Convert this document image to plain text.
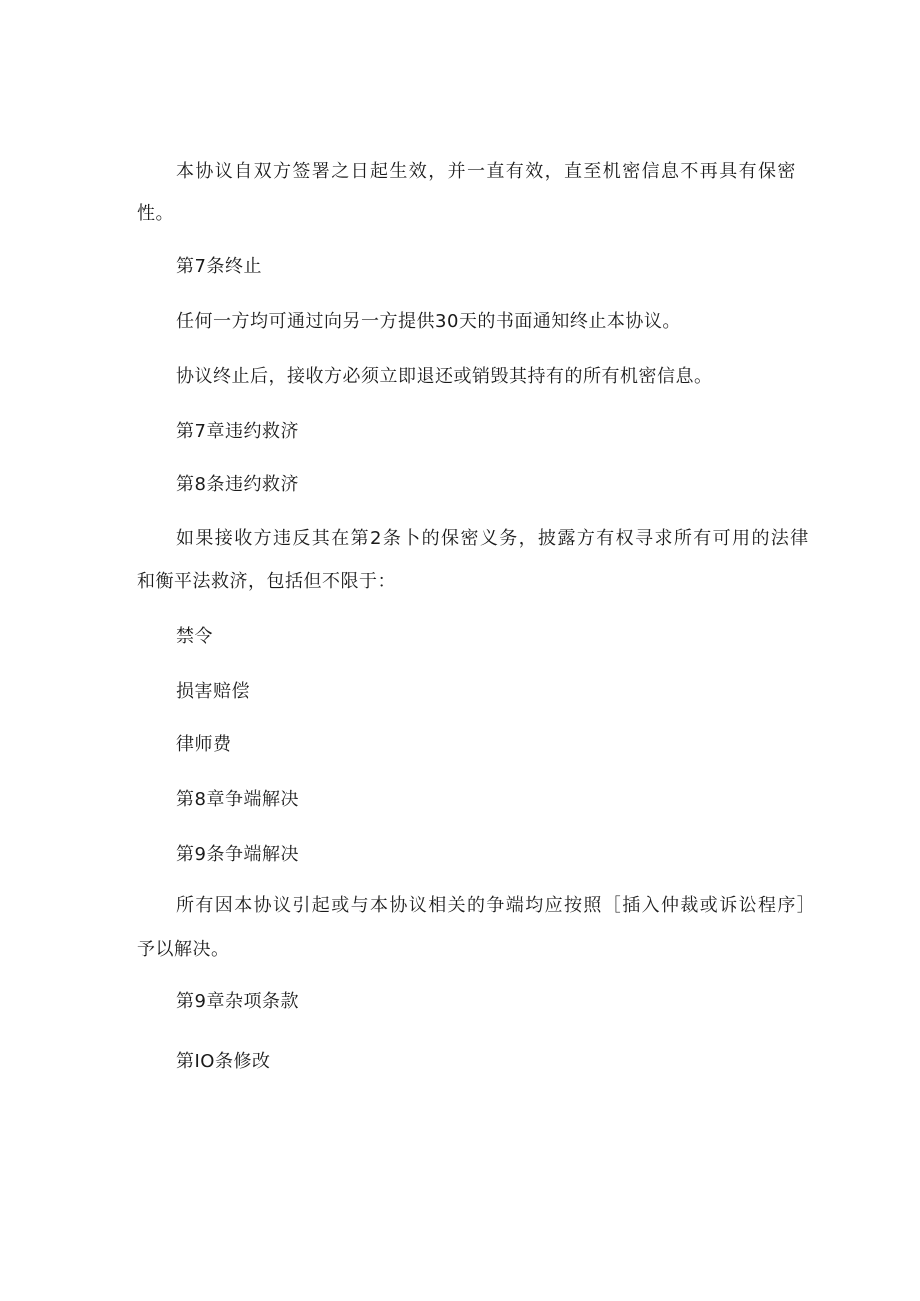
本协议自双方签署之日起生效，并一直有效，直至机密信息不再具有保密
性。
第7条终止
任何一方均可通过向另一方提供30天的书面通知终止本协议。
协议终止后，接收方必须立即退还或销毁其持有的所有机密信息。
第7章违约救济
第8条违约救济
如果接收方违反其在第2条卜的保密义务，披露方有权寻求所有可用的法律
和衡平法救济，包括但不限于：
禁令
损害赔偿
律师费
第8章争端解决
第9条争端解决
所有因本协议引起或与本协议相关的争端均应按照［插入仲裁或诉讼程序］
予以解决。
第9章杂项条款
第IO条修改
